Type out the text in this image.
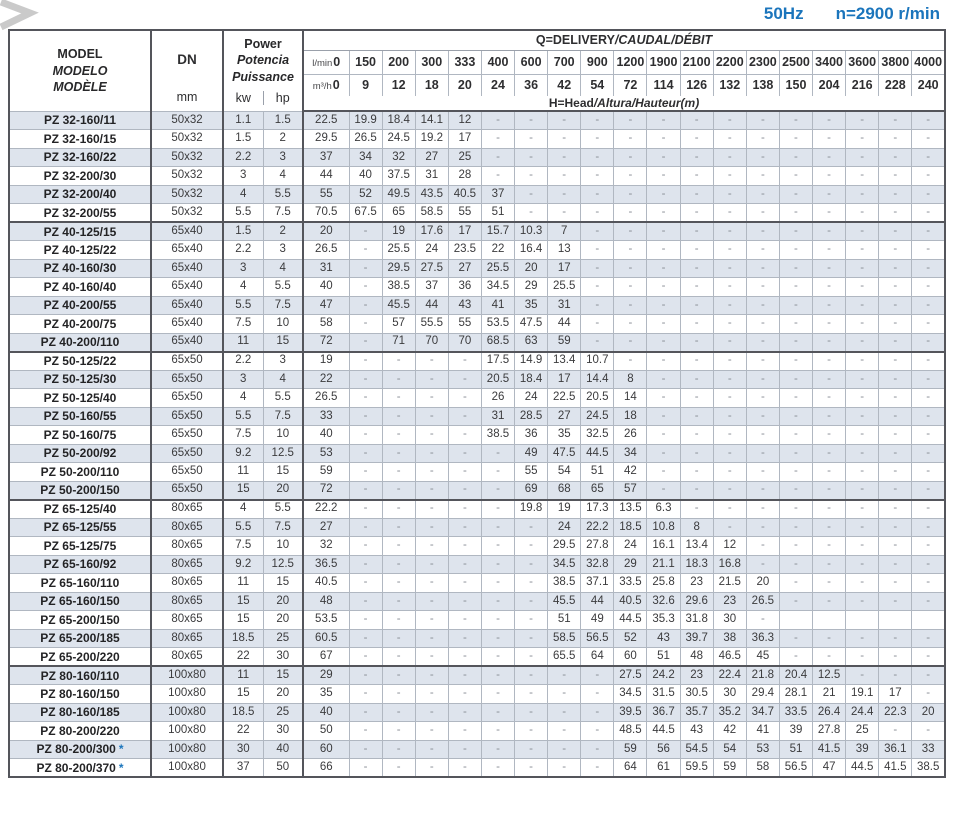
50Hz n=2900 r/min
MODEL
MODELO
MODÈLE

DN
mm

Power
Potencia
Puissance
kw	hp
	Q=DELIVERY/CAUDAL/DÉBIT
				l/min0	150	200	300	333	400	600	700	900	1200	1900	2100	2200	2300	2500	3400	3600	3800	4000
				m³/h0	9	12	18	20	24	36	42	54	72	114	126	132	138	150	204	216	228	240
				H=Head/Altura/Hauteur(m)																		
PZ 32-160/11	50x32	1.1	1.5	22.5	19.9	18.4	14.1	12	-	-	-	-	-	-	-	-	-	-	-	-	-	-
PZ 32-160/15	50x32	1.5	2	29.5	26.5	24.5	19.2	17	-	-	-	-	-	-	-	-	-	-	-	-	-	-
PZ 32-160/22	50x32	2.2	3	37	34	32	27	25	-	-	-	-	-	-	-	-	-	-	-	-	-	-
PZ 32-200/30	50x32	3	4	44	40	37.5	31	28	-	-	-	-	-	-	-	-	-	-	-	-	-	-
PZ 32-200/40	50x32	4	5.5	55	52	49.5	43.5	40.5	37	-	-	-	-	-	-	-	-	-	-	-	-	-
PZ 32-200/55	50x32	5.5	7.5	70.5	67.5	65	58.5	55	51	-	-	-	-	-	-	-	-	-	-	-	-	-
PZ 40-125/15	65x40	1.5	2	20	-	19	17.6	17	15.7	10.3	7	-	-	-	-	-	-	-	-	-	-	-
PZ 40-125/22	65x40	2.2	3	26.5	-	25.5	24	23.5	22	16.4	13	-	-	-	-	-	-	-	-	-	-	-
PZ 40-160/30	65x40	3	4	31	-	29.5	27.5	27	25.5	20	17	-	-	-	-	-	-	-	-	-	-	-
PZ 40-160/40	65x40	4	5.5	40	-	38.5	37	36	34.5	29	25.5	-	-	-	-	-	-	-	-	-	-	-
PZ 40-200/55	65x40	5.5	7.5	47	-	45.5	44	43	41	35	31	-	-	-	-	-	-	-	-	-	-	-
PZ 40-200/75	65x40	7.5	10	58	-	57	55.5	55	53.5	47.5	44	-	-	-	-	-	-	-	-	-	-	-
PZ 40-200/110	65x40	11	15	72	-	71	70	70	68.5	63	59	-	-	-	-	-	-	-	-	-	-	-
PZ 50-125/22	65x50	2.2	3	19	-	-	-	-	17.5	14.9	13.4	10.7	-	-	-	-	-	-	-	-	-	-
PZ 50-125/30	65x50	3	4	22	-	-	-	-	20.5	18.4	17	14.4	8	-	-	-	-	-	-	-	-	-
PZ 50-125/40	65x50	4	5.5	26.5	-	-	-	-	26	24	22.5	20.5	14	-	-	-	-	-	-	-	-	-
PZ 50-160/55	65x50	5.5	7.5	33	-	-	-	-	31	28.5	27	24.5	18	-	-	-	-	-	-	-	-	-
PZ 50-160/75	65x50	7.5	10	40	-	-	-	-	38.5	36	35	32.5	26	-	-	-	-	-	-	-	-	-
PZ 50-200/92	65x50	9.2	12.5	53	-	-	-	-	-	49	47.5	44.5	34	-	-	-	-	-	-	-	-	-
PZ 50-200/110	65x50	11	15	59	-	-	-	-	-	55	54	51	42	-	-	-	-	-	-	-	-	-
PZ 50-200/150	65x50	15	20	72	-	-	-	-	-	69	68	65	57	-	-	-	-	-	-	-	-	-
PZ 65-125/40	80x65	4	5.5	22.2	-	-	-	-	-	19.8	19	17.3	13.5	6.3	-	-	-	-	-	-	-	-
PZ 65-125/55	80x65	5.5	7.5	27	-	-	-	-	-	-	24	22.2	18.5	10.8	8	-	-	-	-	-	-	-
PZ 65-125/75	80x65	7.5	10	32	-	-	-	-	-	-	29.5	27.8	24	16.1	13.4	12	-	-	-	-	-	-
PZ 65-160/92	80x65	9.2	12.5	36.5	-	-	-	-	-	-	34.5	32.8	29	21.1	18.3	16.8	-	-	-	-	-	-
PZ 65-160/110	80x65	11	15	40.5	-	-	-	-	-	-	38.5	37.1	33.5	25.8	23	21.5	20	-	-	-	-	-
PZ 65-160/150	80x65	15	20	48	-	-	-	-	-	-	45.5	44	40.5	32.6	29.6	23	26.5	-	-	-	-	-
PZ 65-200/150	80x65	15	20	53.5	-	-	-	-	-	-	51	49	44.5	35.3	31.8	30	-					
PZ 65-200/185	80x65	18.5	25	60.5	-	-	-	-	-	-	58.5	56.5	52	43	39.7	38	36.3	-	-	-	-	-
PZ 65-200/220	80x65	22	30	67	-	-	-	-	-	-	65.5	64	60	51	48	46.5	45	-	-	-	-	-
PZ 80-160/110	100x80	11	15	29	-	-	-	-	-	-	-	-	27.5	24.2	23	22.4	21.8	20.4	12.5	-	-	-
PZ 80-160/150	100x80	15	20	35	-	-	-	-	-	-	-	-	34.5	31.5	30.5	30	29.4	28.1	21	19.1	17	-
PZ 80-160/185	100x80	18.5	25	40	-	-	-	-	-	-	-	-	39.5	36.7	35.7	35.2	34.7	33.5	26.4	24.4	22.3	20
PZ 80-200/220	100x80	22	30	50	-	-	-	-	-	-	-	-	48.5	44.5	43	42	41	39	27.8	25	-	-
PZ 80-200/300 *	100x80	30	40	60	-	-	-	-	-	-	-	-	59	56	54.5	54	53	51	41.5	39	36.1	33
PZ 80-200/370 *	100x80	37	50	66	-	-	-	-	-	-	-	-	64	61	59.5	59	58	56.5	47	44.5	41.5	38.5
